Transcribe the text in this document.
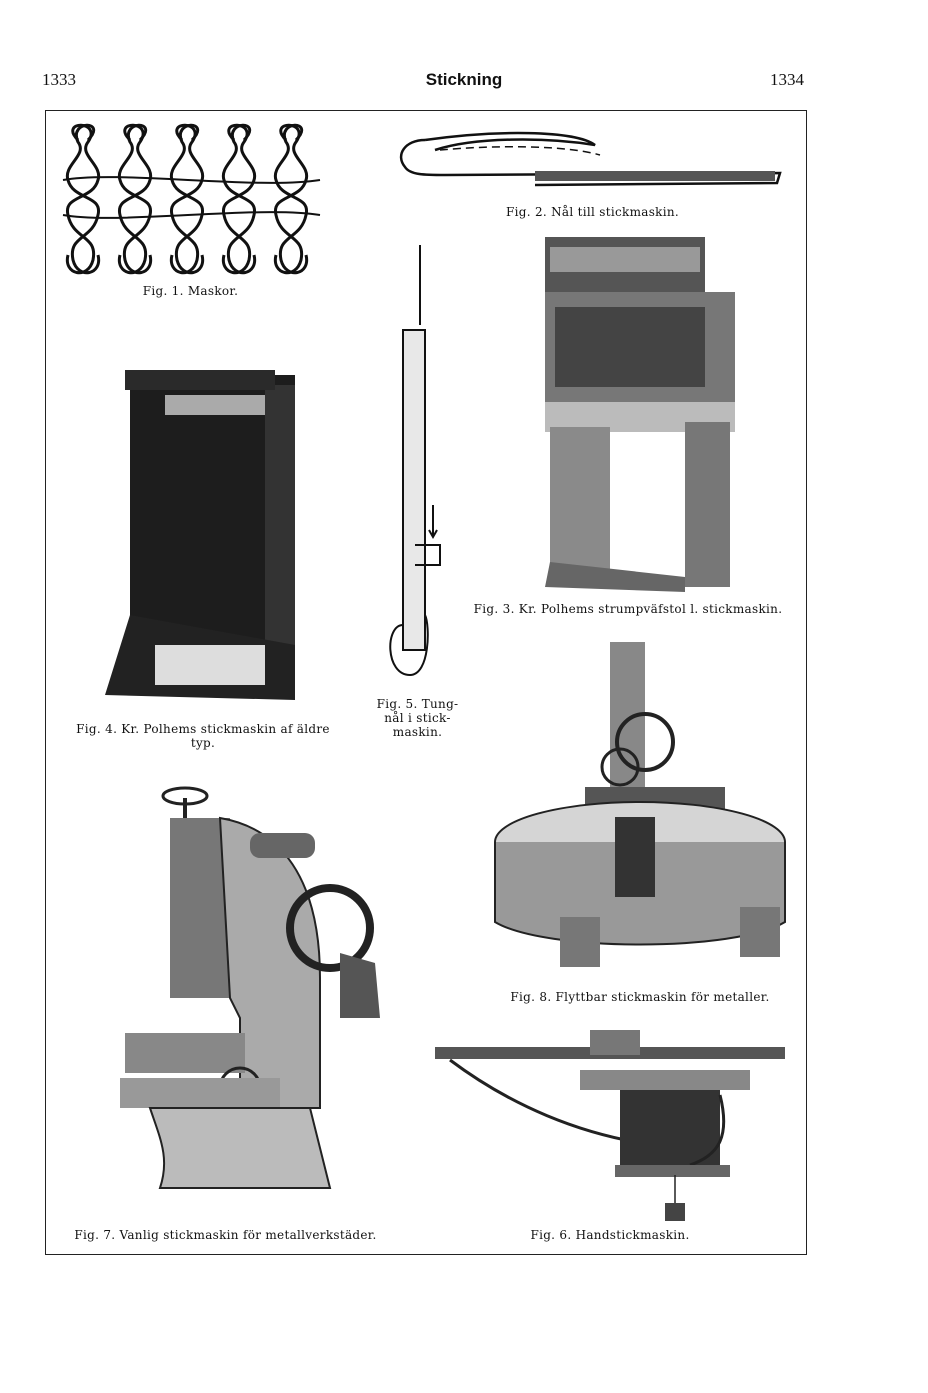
1333	Stickning	1334
Fig. 1. Maskor.
Fig. 2. Nål till stickmaskin.
Fig. 4. Kr. Polhems stickmaskin af äldre
typ.
Fig. 5. Tung-
nål i stick-
maskin.
Fig. 3. Kr. Polhems strumpväfstol l. stickmaskin.
Fig. 8. Flyttbar stickmaskin för metaller.
Fig. 7. Vanlig stickmaskin för metallverkstäder.	Fig. 6. Handstickmaskin.
